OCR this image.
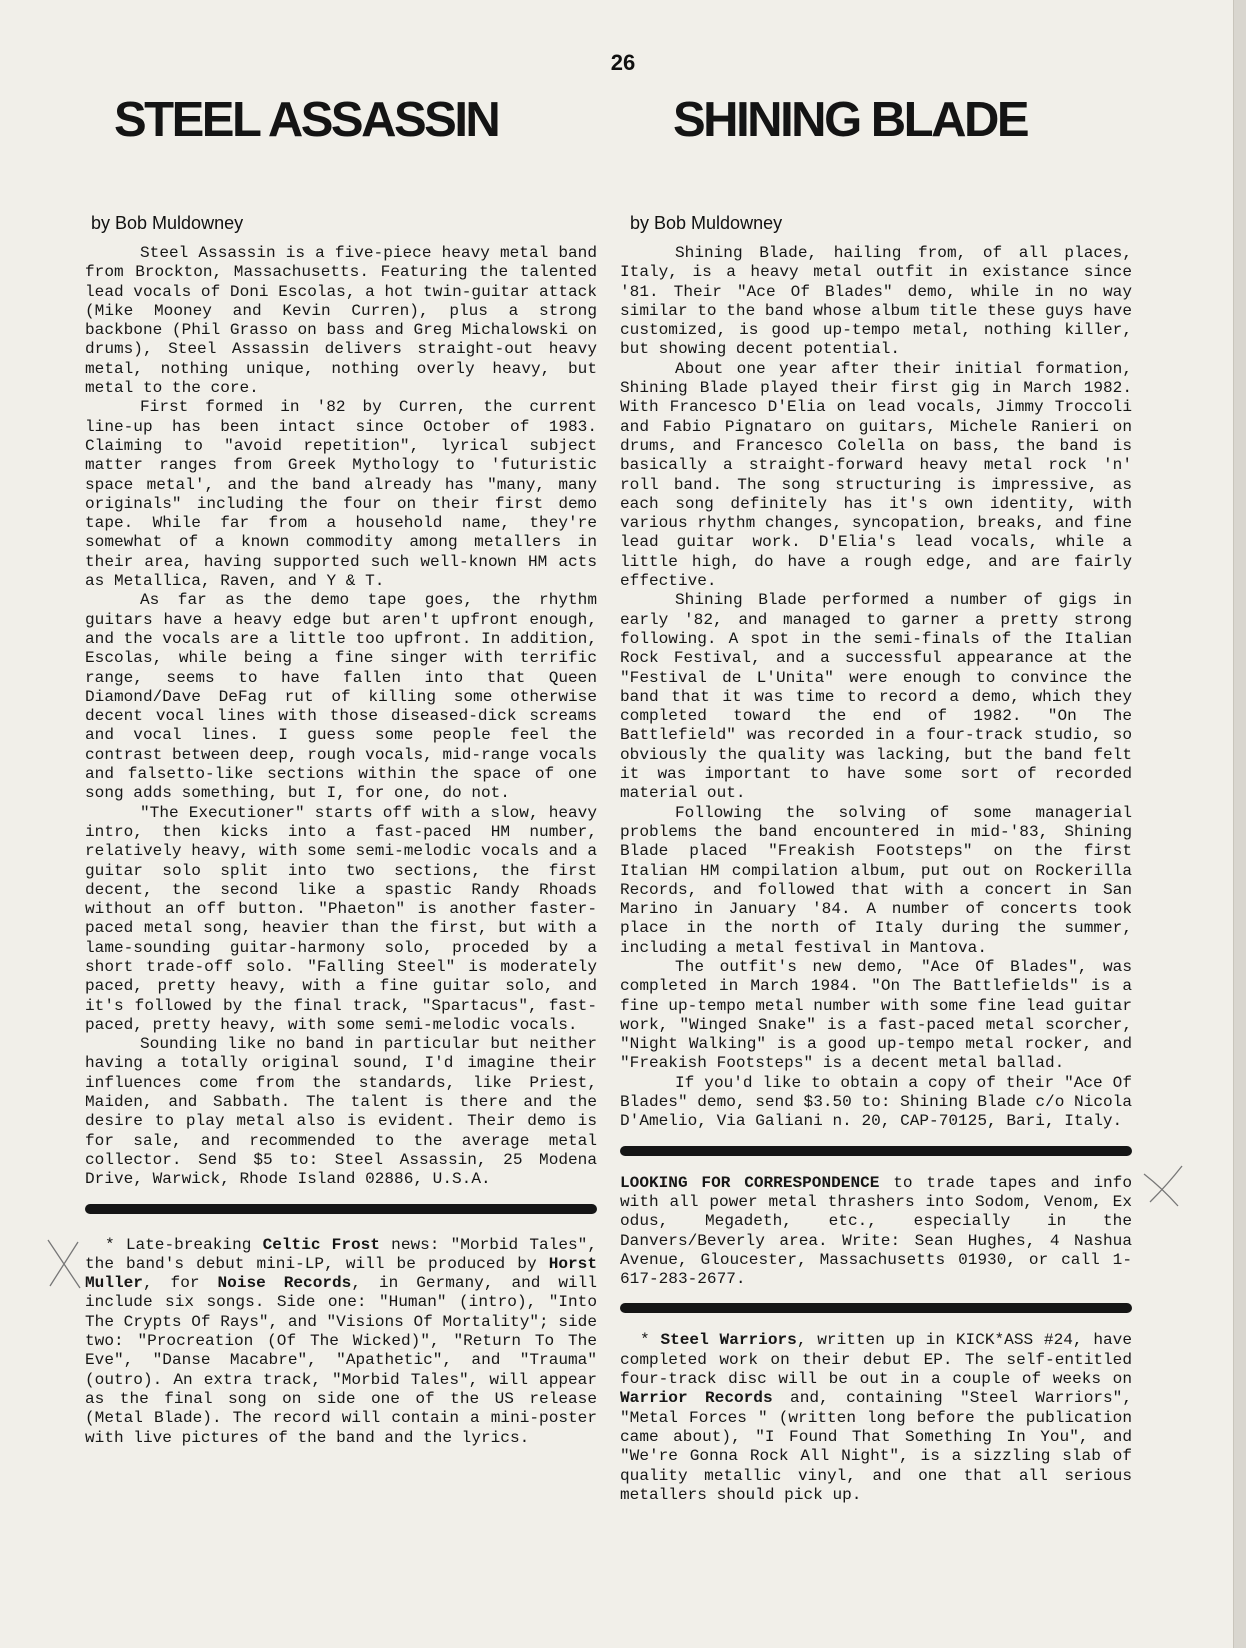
26
STEEL ASSASSIN
by Bob Muldowney

Steel Assassin is a five-piece heavy metal band from Brockton, Massachusetts. Featuring the talented lead vocals of Doni Escolas, a hot twin-guitar attack (Mike Mooney and Kevin Curren), plus a strong backbone (Phil Grasso on bass and Greg Michalowski on drums), Steel Assassin delivers straight-out heavy metal, nothing unique, nothing overly heavy, but metal to the core.

First formed in '82 by Curren, the current line-up has been intact since October of 1983. Claiming to "avoid repetition", lyrical subject matter ranges from Greek Mythology to 'futuristic space metal', and the band already has "many, many originals" including the four on their first demo tape. While far from a household name, they're somewhat of a known commodity among metallers in their area, having supported such well-known HM acts as Metallica, Raven, and Y & T.

As far as the demo tape goes, the rhythm guitars have a heavy edge but aren't upfront enough, and the vocals are a little too upfront. In addition, Escolas, while being a fine singer with terrific range, seems to have fallen into that Queen Diamond/Dave DeFag rut of killing some otherwise decent vocal lines with those diseased-dick screams and vocal lines. I guess some people feel the contrast between deep, rough vocals, mid-range vocals and falsetto-like sections within the space of one song adds something, but I, for one, do not.

"The Executioner" starts off with a slow, heavy intro, then kicks into a fast-paced HM number, relatively heavy, with some semi-melodic vocals and a guitar solo split into two sections, the first decent, the second like a spastic Randy Rhoads without an off button. "Phaeton" is another faster-paced metal song, heavier than the first, but with a lame-sounding guitar-harmony solo, proceded by a short trade-off solo. "Falling Steel" is moderately paced, pretty heavy, with a fine guitar solo, and it's followed by the final track, "Spartacus", fast-paced, pretty heavy, with some semi-melodic vocals.

Sounding like no band in particular but neither having a totally original sound, I'd imagine their influences come from the standards, like Priest, Maiden, and Sabbath. The talent is there and the desire to play metal also is evident. Their demo is for sale, and recommended to the average metal collector. Send $5 to: Steel Assassin, 25 Modena Drive, Warwick, Rhode Island 02886, U.S.A.

* Late-breaking Celtic Frost news: "Morbid Tales", the band's debut mini-LP, will be produced by Horst Muller, for Noise Records, in Germany, and will include six songs. Side one: "Human" (intro), "Into The Crypts Of Rays", and "Visions Of Mortality"; side two: "Procreation (Of The Wicked)", "Return To The Eve", "Danse Macabre", "Apathetic", and "Trauma" (outro). An extra track, "Morbid Tales", will appear as the final song on side one of the US release (Metal Blade). The record will contain a mini-poster with live pictures of the band and the lyrics.

SHINING BLADE
by Bob Muldowney

Shining Blade, hailing from, of all places, Italy, is a heavy metal outfit in existance since '81. Their "Ace Of Blades" demo, while in no way similar to the band whose album title these guys have customized, is good up-tempo metal, nothing killer, but showing decent potential.

About one year after their initial formation, Shining Blade played their first gig in March 1982. With Francesco D'Elia on lead vocals, Jimmy Troccoli and Fabio Pignataro on guitars, Michele Ranieri on drums, and Francesco Colella on bass, the band is basically a straight-forward heavy metal rock 'n' roll band. The song structuring is impressive, as each song definitely has it's own identity, with various rhythm changes, syncopation, breaks, and fine lead guitar work. D'Elia's lead vocals, while a little high, do have a rough edge, and are fairly effective.

Shining Blade performed a number of gigs in early '82, and managed to garner a pretty strong following. A spot in the semi-finals of the Italian Rock Festival, and a successful appearance at the "Festival de L'Unita" were enough to convince the band that it was time to record a demo, which they completed toward the end of 1982. "On The Battlefield" was recorded in a four-track studio, so obviously the quality was lacking, but the band felt it was important to have some sort of recorded material out.

Following the solving of some managerial problems the band encountered in mid-'83, Shining Blade placed "Freakish Footsteps" on the first Italian HM compilation album, put out on Rockerilla Records, and followed that with a concert in San Marino in January '84. A number of concerts took place in the north of Italy during the summer, including a metal festival in Mantova.

The outfit's new demo, "Ace Of Blades", was completed in March 1984. "On The Battlefields" is a fine up-tempo metal number with some fine lead guitar work, "Winged Snake" is a fast-paced metal scorcher, "Night Walking" is a good up-tempo metal rocker, and "Freakish Footsteps" is a decent metal ballad.

If you'd like to obtain a copy of their "Ace Of Blades" demo, send $3.50 to: Shining Blade c/o Nicola D'Amelio, Via Galiani n. 20, CAP-70125, Bari, Italy.

LOOKING FOR CORRESPONDENCE to trade tapes and info with all power metal thrashers into Sodom, Venom, Ex odus, Megadeth, etc., especially in the Danvers/Beverly area. Write: Sean Hughes, 4 Nashua Avenue, Gloucester, Massachusetts 01930, or call 1-617-283-2677.

* Steel Warriors, written up in KICK*ASS #24, have completed work on their debut EP. The self-entitled four-track disc will be out in a couple of weeks on Warrior Records and, containing "Steel Warriors", "Metal Forces " (written long before the publication came about), "I Found That Something In You", and "We're Gonna Rock All Night", is a sizzling slab of quality metallic vinyl, and one that all serious metallers should pick up.
